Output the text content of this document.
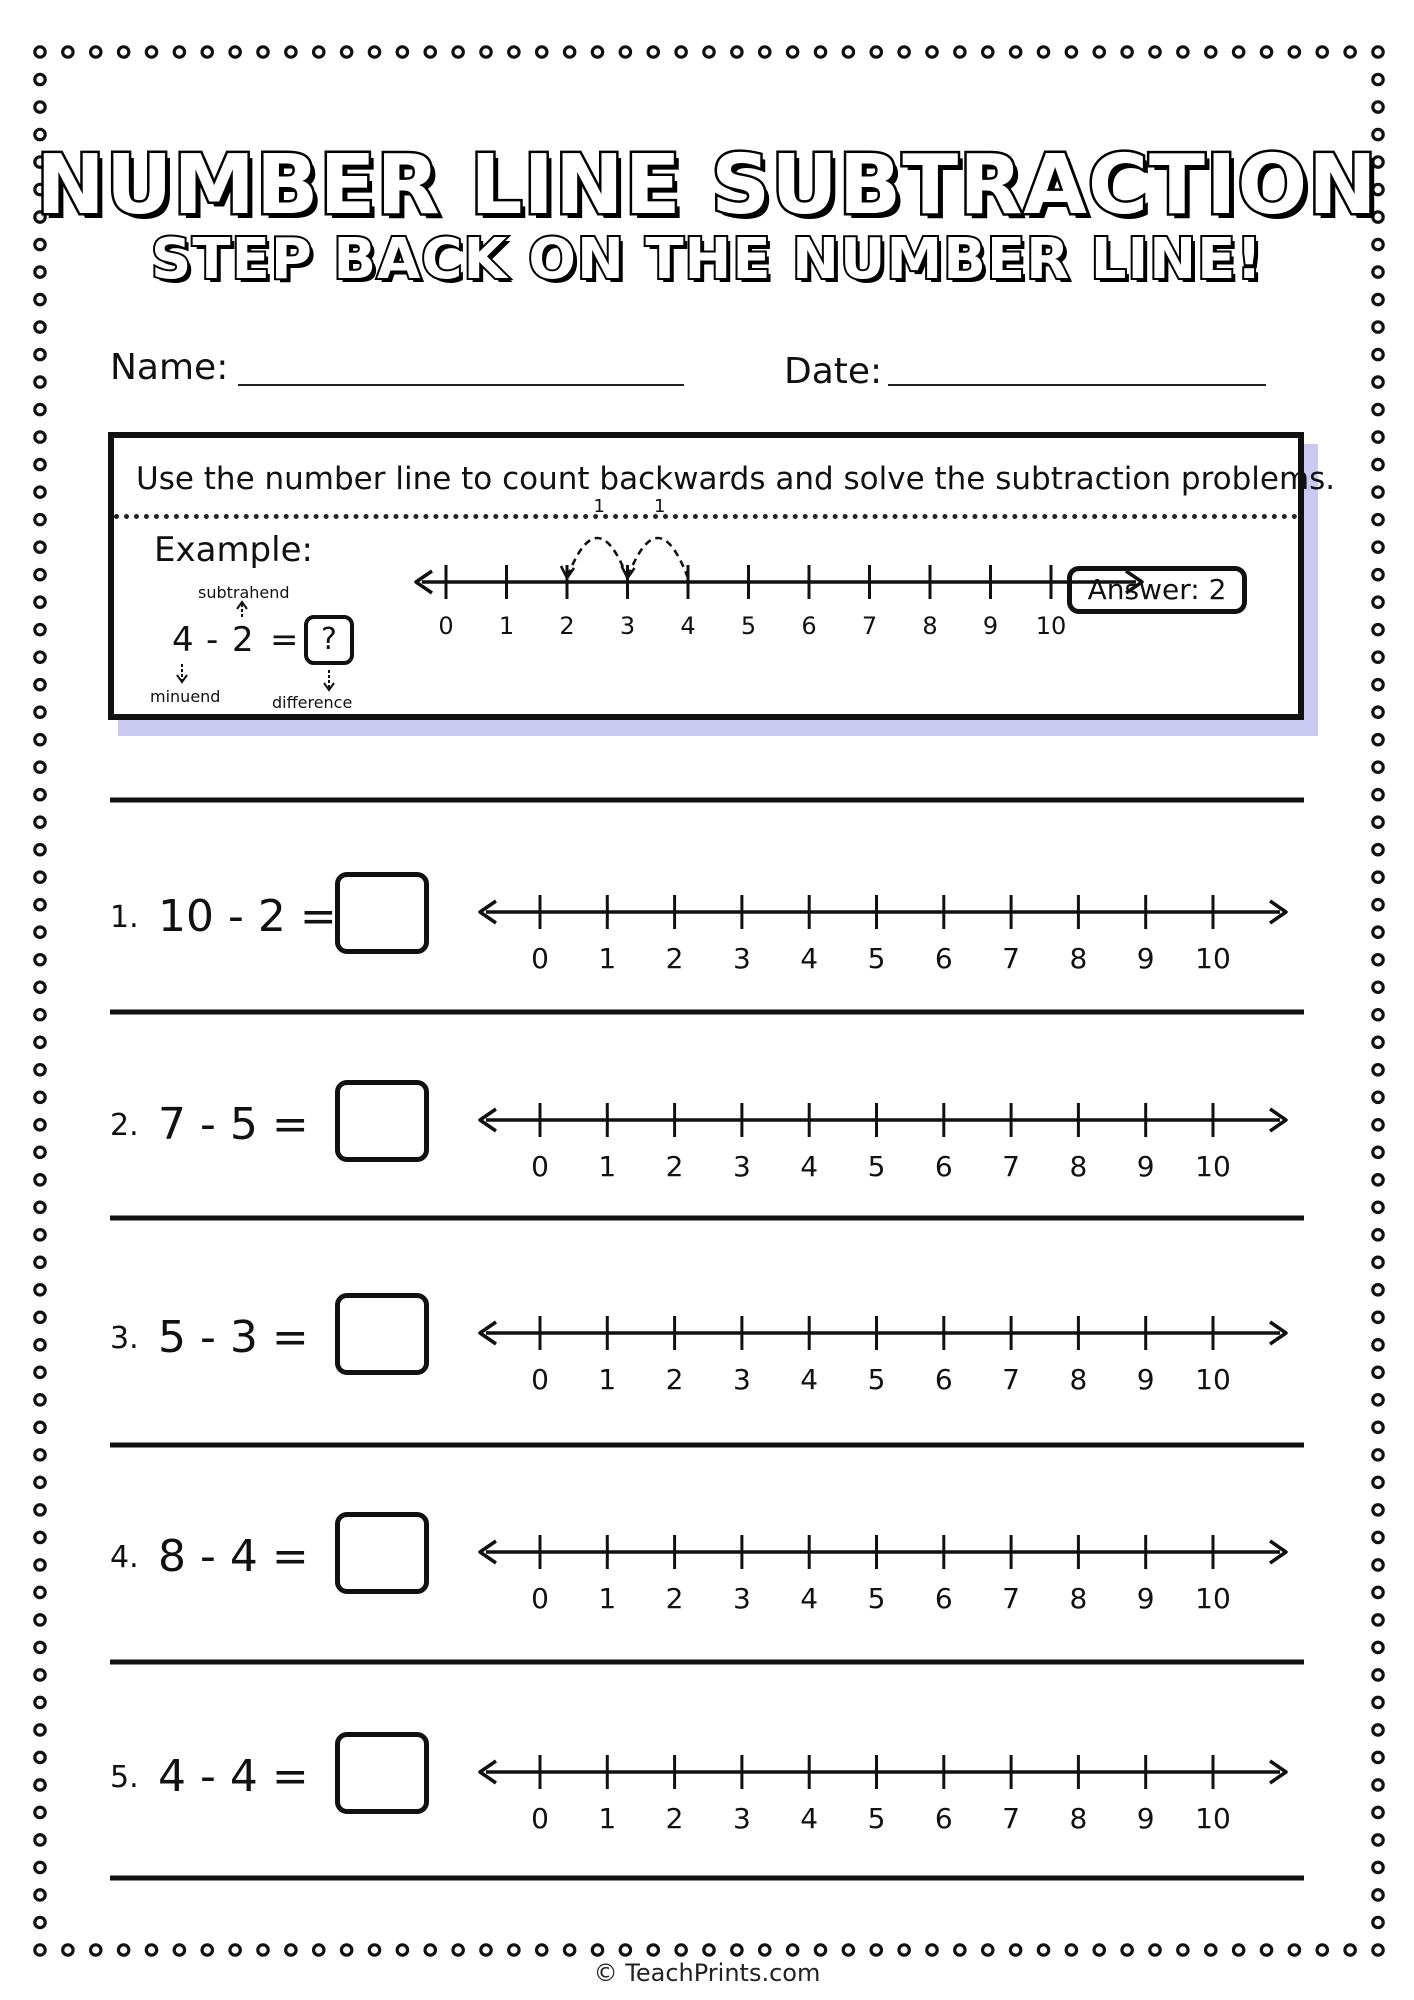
NUMBER LINE SUBTRACTION
STEP BACK ON THE NUMBER LINE!
Name:	Date:
Use the number line to count backwards and solve the subtraction problems.
Example:
subtrahend
minuend	difference
4 - 2 = ?	0 1 2 3 4 5 6 7 8 9 10
1
1
Answer: 2
1. 10 - 2 =
0 1 2 3 4 5 6 7 8 9 10
2. 7 - 5 =
0 1 2 3 4 5 6 7 8 9 10
3. 5 - 3 =
0 1 2 3 4 5 6 7 8 9 10
4. 8 - 4 =
0 1 2 3 4 5 6 7 8 9 10
5. 4 - 4 =
0 1 2 3 4 5 6 7 8 9 10
© TeachPrints.com
